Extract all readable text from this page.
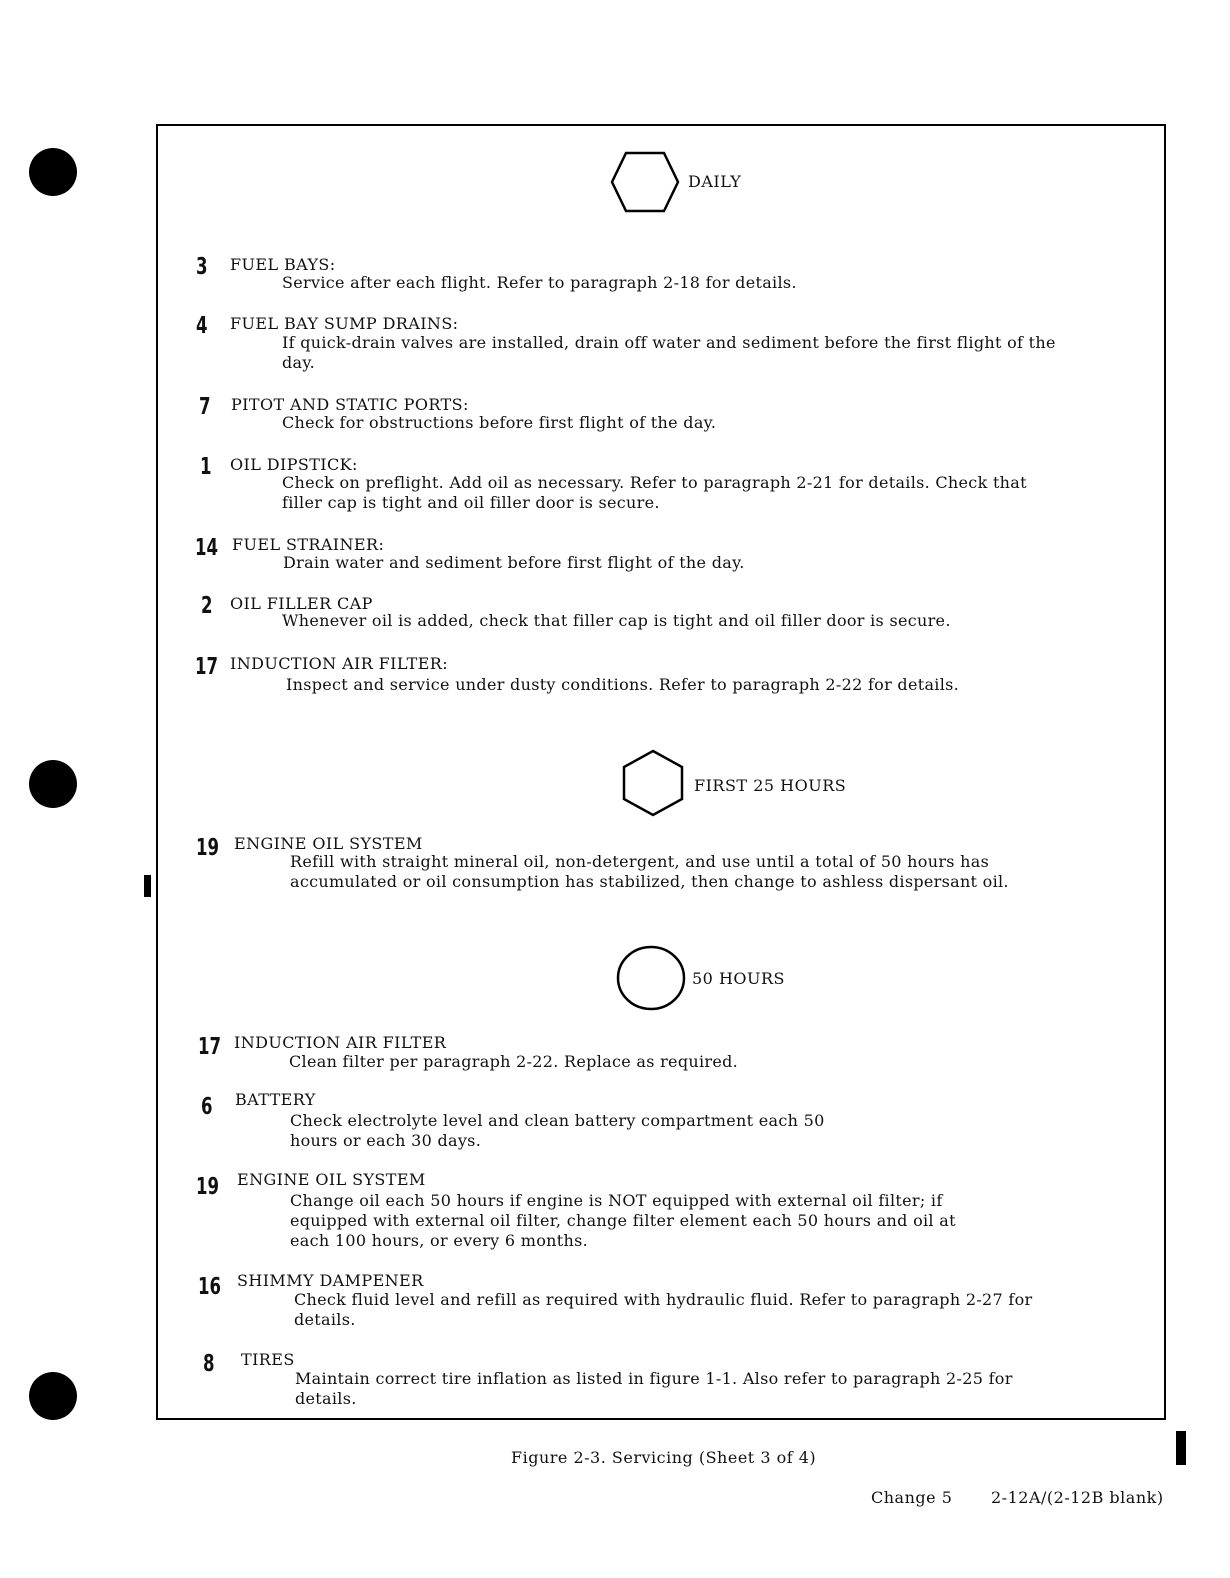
DAILY
3 FUEL BAYS:
Service after each flight. Refer to paragraph 2-18 for details.
4 FUEL BAY SUMP DRAINS:
If quick-drain valves are installed, drain off water and sediment before the first flight of the day.
7 PITOT AND STATIC PORTS:
Check for obstructions before first flight of the day.
1 OIL DIPSTICK:
Check on preflight. Add oil as necessary. Refer to paragraph 2-21 for details. Check that filler cap is tight and oil filler door is secure.
14 FUEL STRAINER:
Drain water and sediment before first flight of the day.
2 OIL FILLER CAP
Whenever oil is added, check that filler cap is tight and oil filler door is secure.
17 INDUCTION AIR FILTER:
Inspect and service under dusty conditions. Refer to paragraph 2-22 for details.
FIRST 25 HOURS
19 ENGINE OIL SYSTEM
Refill with straight mineral oil, non-detergent, and use until a total of 50 hours has accumulated or oil consumption has stabilized, then change to ashless dispersant oil.
50 HOURS
17 INDUCTION AIR FILTER
Clean filter per paragraph 2-22. Replace as required.
6 BATTERY
Check electrolyte level and clean battery compartment each 50 hours or each 30 days.
19 ENGINE OIL SYSTEM
Change oil each 50 hours if engine is NOT equipped with external oil filter; if equipped with external oil filter, change filter element each 50 hours and oil at each 100 hours, or every 6 months.
16 SHIMMY DAMPENER
Check fluid level and refill as required with hydraulic fluid. Refer to paragraph 2-27 for details.
8 TIRES
Maintain correct tire inflation as listed in figure 1-1. Also refer to paragraph 2-25 for details.
Figure 2-3. Servicing (Sheet 3 of 4)
Change 5 2-12A/(2-12B blank)
